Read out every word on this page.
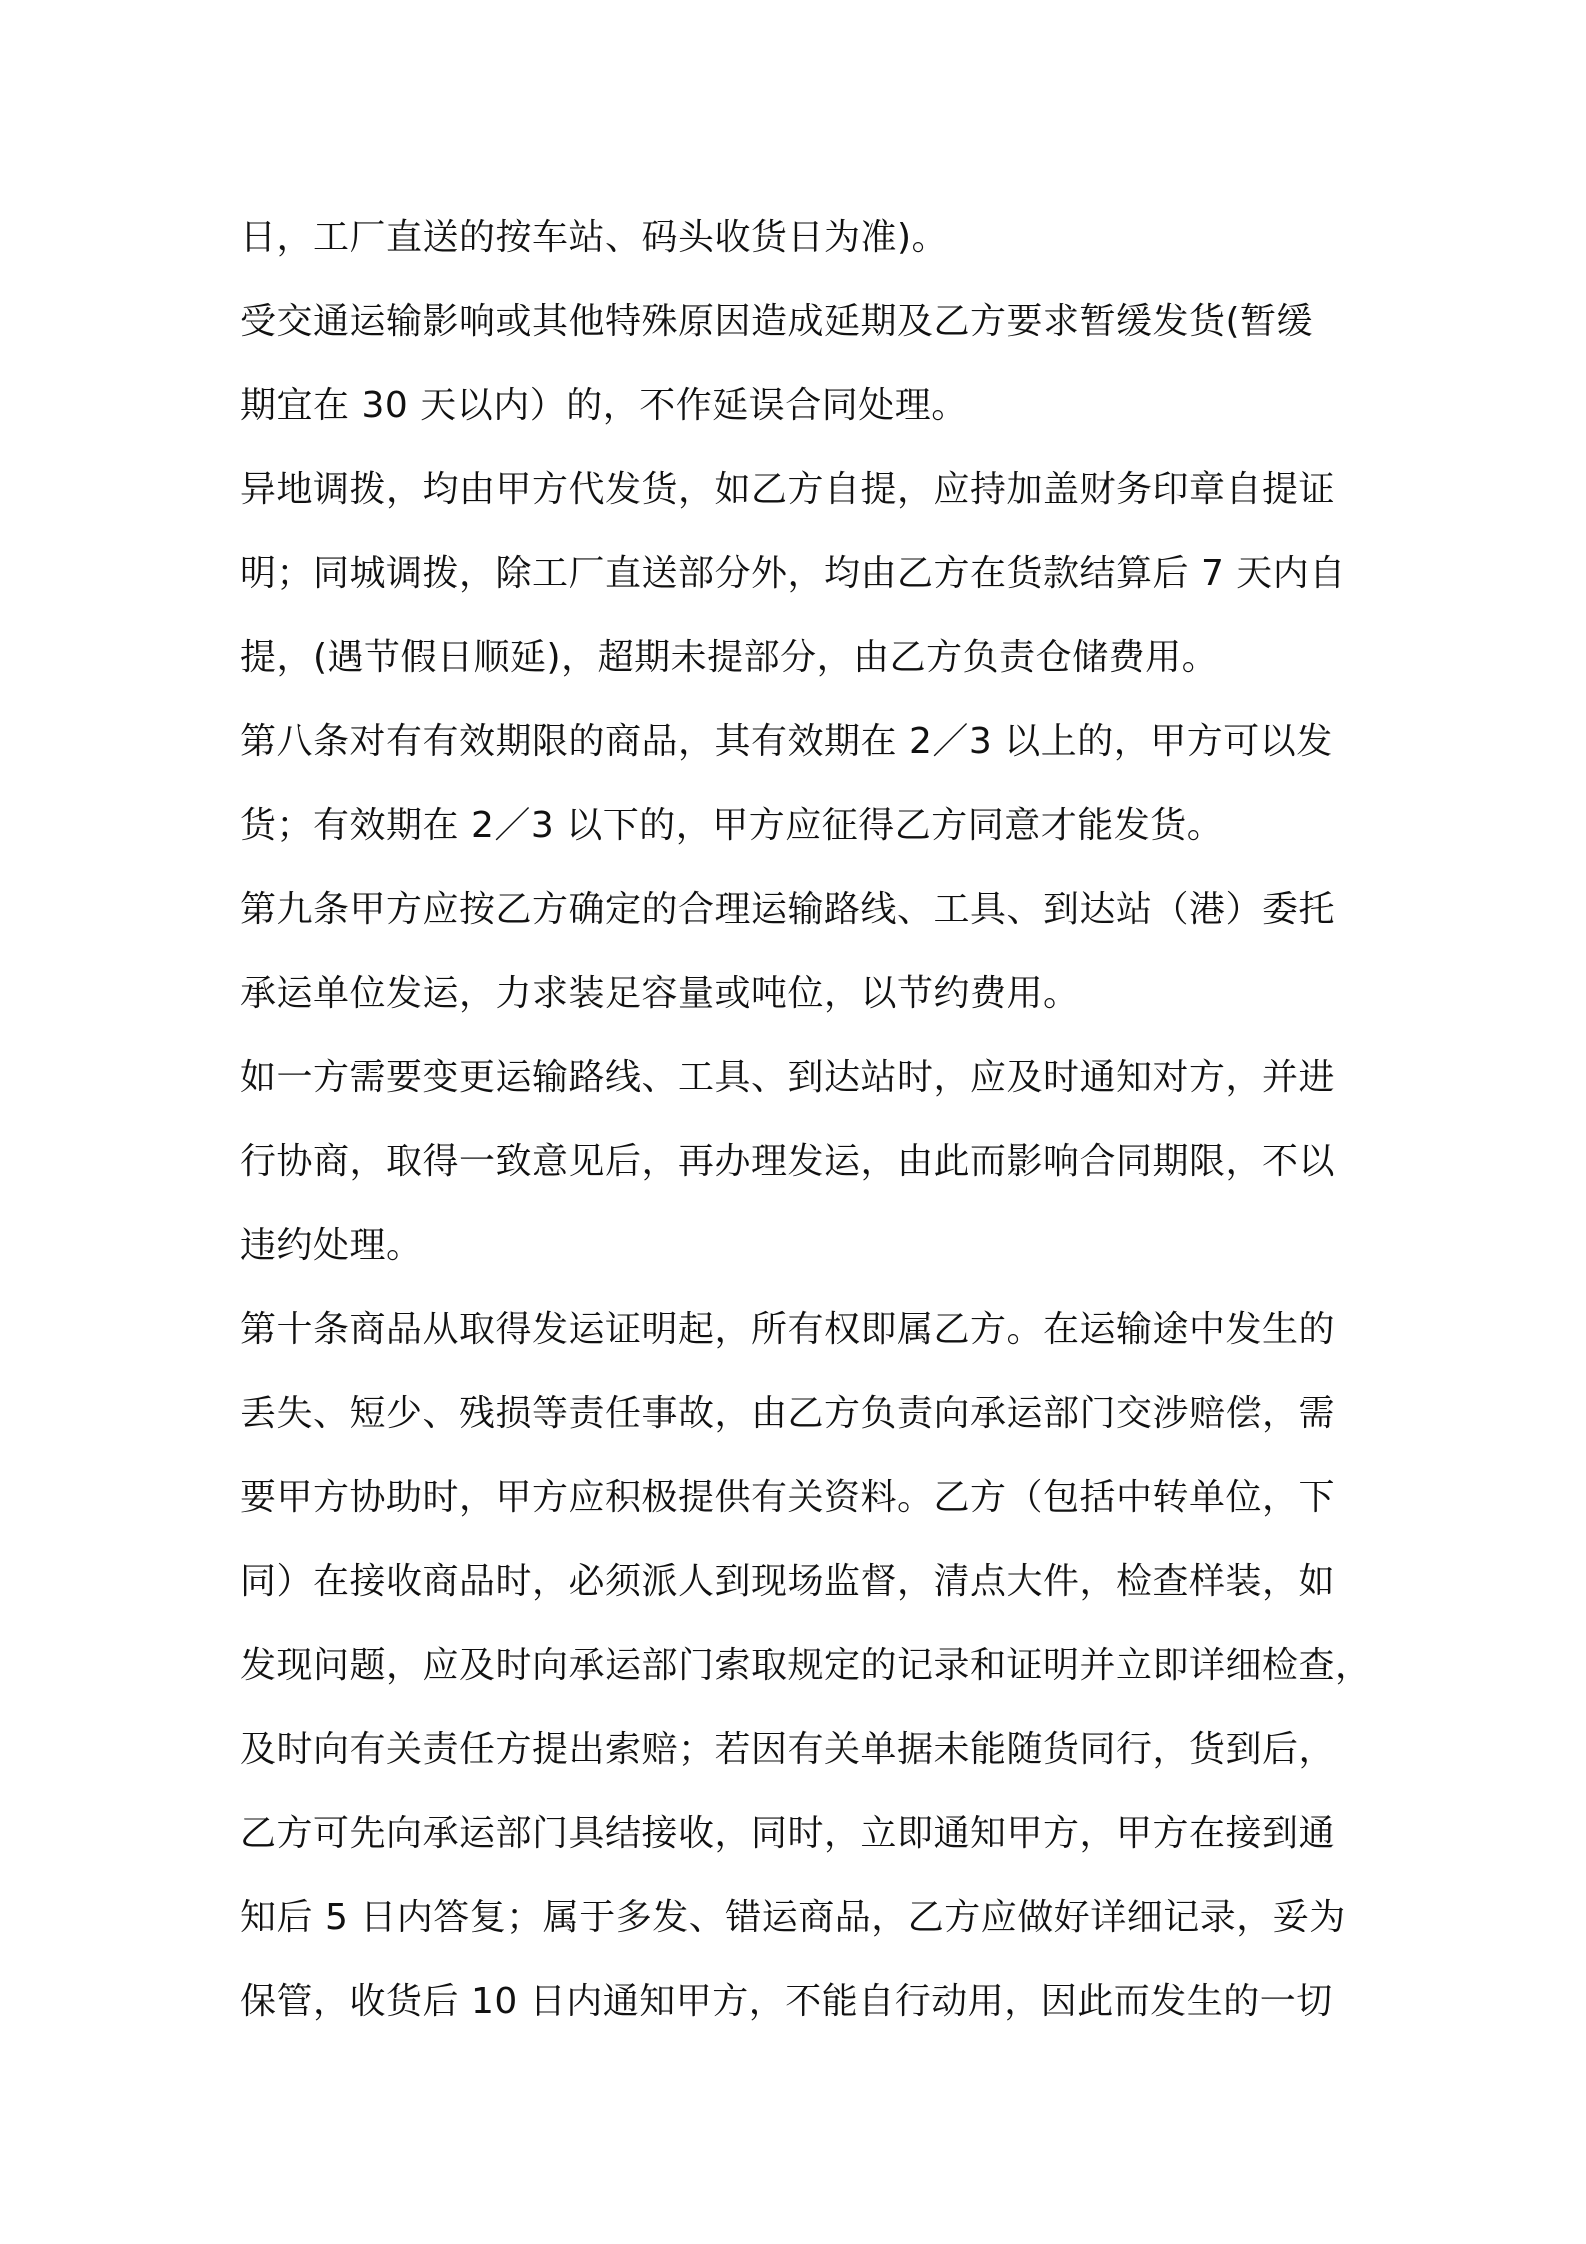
日，工厂直送的按车站、码头收货日为准)。
受交通运输影响或其他特殊原因造成延期及乙方要求暂缓发货(暂缓
期宜在 30 天以内）的，不作延误合同处理。
异地调拨，均由甲方代发货，如乙方自提，应持加盖财务印章自提证
明；同城调拨，除工厂直送部分外，均由乙方在货款结算后 7 天内自
提，(遇节假日顺延)，超期未提部分，由乙方负责仓储费用。
第八条对有有效期限的商品，其有效期在 2／3 以上的，甲方可以发
货；有效期在 2／3 以下的，甲方应征得乙方同意才能发货。
第九条甲方应按乙方确定的合理运输路线、工具、到达站（港）委托
承运单位发运，力求装足容量或吨位，以节约费用。
如一方需要变更运输路线、工具、到达站时，应及时通知对方，并进
行协商，取得一致意见后，再办理发运，由此而影响合同期限，不以
违约处理。
第十条商品从取得发运证明起，所有权即属乙方。在运输途中发生的
丢失、短少、残损等责任事故，由乙方负责向承运部门交涉赔偿，需
要甲方协助时，甲方应积极提供有关资料。乙方（包括中转单位，下
同）在接收商品时，必须派人到现场监督，清点大件，检查样装，如
发现问题，应及时向承运部门索取规定的记录和证明并立即详细检查，
及时向有关责任方提出索赔；若因有关单据未能随货同行，货到后，
乙方可先向承运部门具结接收，同时，立即通知甲方，甲方在接到通
知后 5 日内答复；属于多发、错运商品，乙方应做好详细记录，妥为
保管，收货后 10 日内通知甲方，不能自行动用，因此而发生的一切
